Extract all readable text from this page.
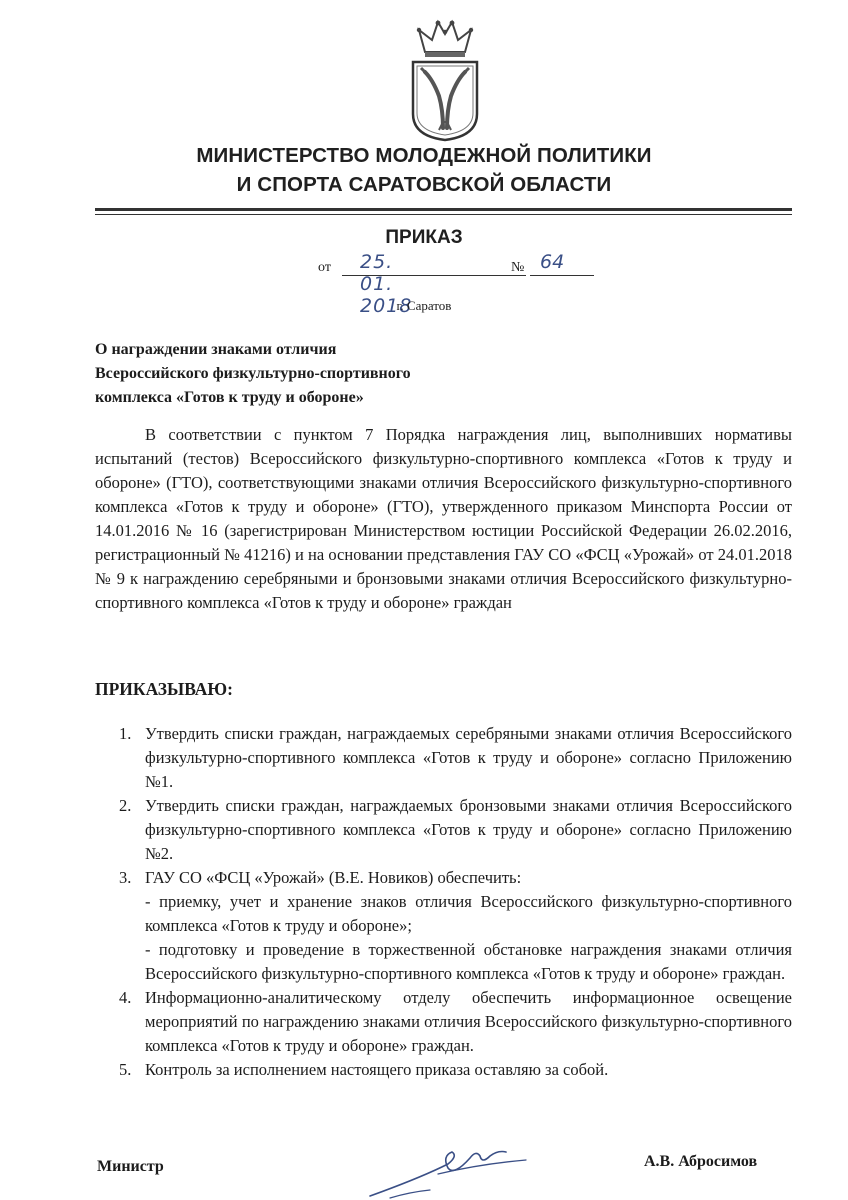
МИНИСТЕРСТВО МОЛОДЕЖНОЙ ПОЛИТИКИ
И СПОРТА САРАТОВСКОЙ ОБЛАСТИ
ПРИКАЗ
от 25. 01. 2018
№ 64
г. Саратов
О награждении знаками отличия
Всероссийского физкультурно-спортивного
комплекса «Готов к труду и обороне»
В соответствии с пунктом 7 Порядка награждения лиц, выполнивших нормативы испытаний (тестов) Всероссийского физкультурно-спортивного комплекса «Готов к труду и обороне» (ГТО), соответствующими знаками отличия Всероссийского физкультурно-спортивного комплекса «Готов к труду и обороне» (ГТО), утвержденного приказом Минспорта России от 14.01.2016 № 16 (зарегистрирован Министерством юстиции Российской Федерации 26.02.2016, регистрационный № 41216) и на основании представления ГАУ СО «ФСЦ «Урожай» от 24.01.2018 № 9 к награждению серебряными и бронзовыми знаками отличия Всероссийского физкультурно-спортивного комплекса «Готов к труду и обороне» граждан
ПРИКАЗЫВАЮ:
1. Утвердить списки граждан, награждаемых серебряными знаками отличия Всероссийского физкультурно-спортивного комплекса «Готов к труду и обороне» согласно Приложению №1.
2. Утвердить списки граждан, награждаемых бронзовыми знаками отличия Всероссийского физкультурно-спортивного комплекса «Готов к труду и обороне» согласно Приложению №2.
3. ГАУ СО «ФСЦ «Урожай» (В.Е. Новиков) обеспечить:
- приемку, учет и хранение знаков отличия Всероссийского физкультурно-спортивного комплекса «Готов к труду и обороне»;
- подготовку и проведение в торжественной обстановке награждения знаками отличия Всероссийского физкультурно-спортивного комплекса «Готов к труду и обороне» граждан.
4. Информационно-аналитическому отделу обеспечить информационное освещение мероприятий по награждению знаками отличия Всероссийского физкультурно-спортивного комплекса «Готов к труду и обороне» граждан.
5. Контроль за исполнением настоящего приказа оставляю за собой.
Министр	А.В. Абросимов
